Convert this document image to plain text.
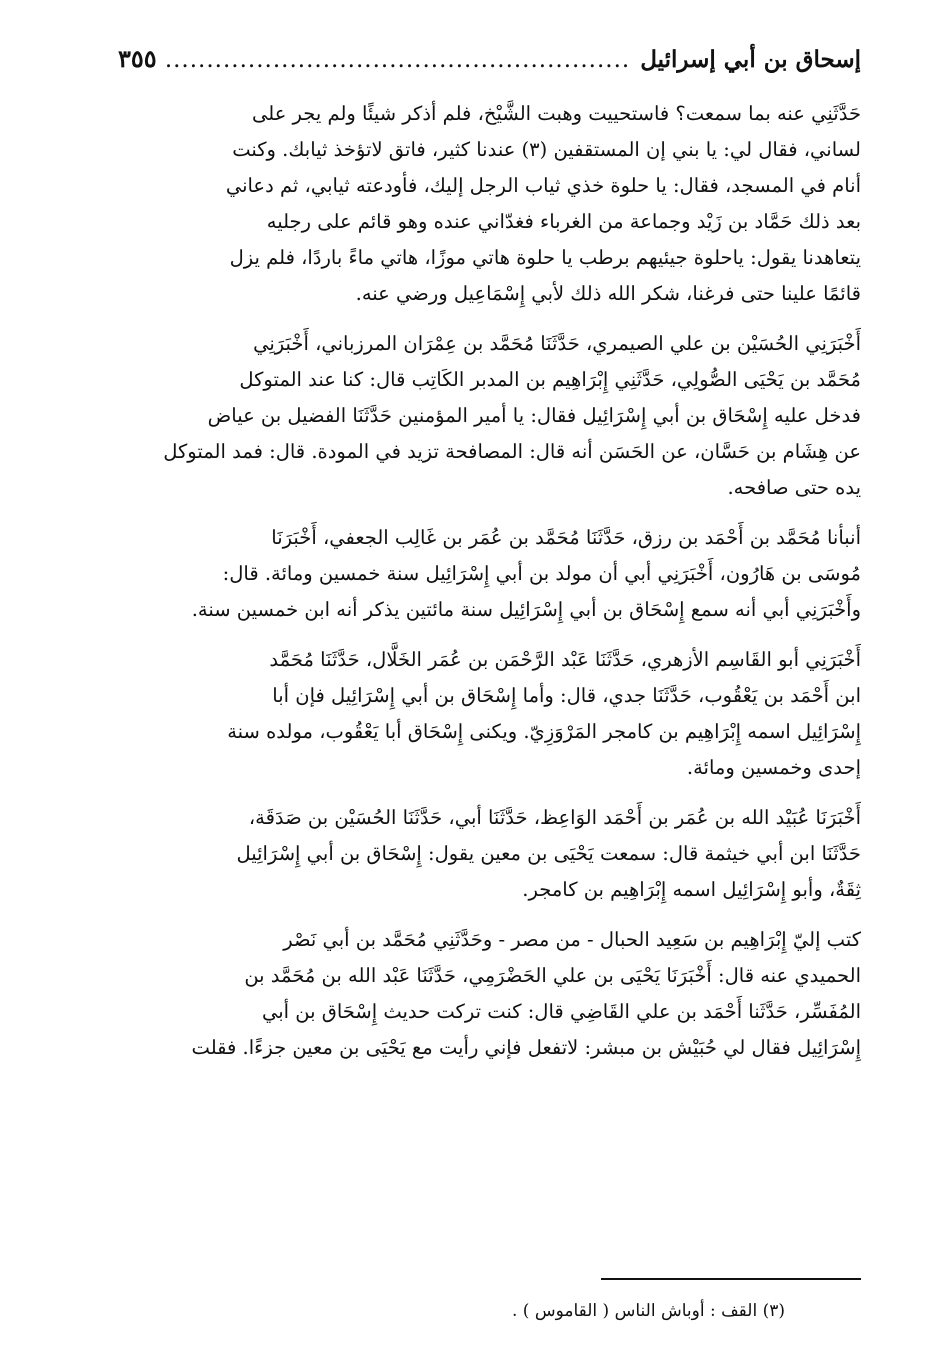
إسحاق بن أبي إسرائيل
.....
٣٥٥

حَدَّثَنِي عنه بما سمعت؟ فاستحييت وهبت الشَّيْخ، فلم أذكر شيئًا ولم يجر على
لساني، فقال لي: يا بني إن المستقفين (٣) عندنا كثير، فاتق لاتؤخذ ثيابك. وكنت
أنام في المسجد، فقال: يا حلوة خذي ثياب الرجل إليك، فأودعته ثيابي، ثم دعاني
بعد ذلك حَمَّاد بن زَيْد وجماعة من الغرباء فغدّاني عنده وهو قائم على رجليه
يتعاهدنا يقول: ياحلوة جيئيهم برطب يا حلوة هاتي موزًا، هاتي ماءً باردًا، فلم يزل
قائمًا علينا حتى فرغنا، شكر الله ذلك لأبي إِسْمَاعِيل ورضي عنه.

أَخْبَرَنِي الحُسَيْن بن علي الصيمري، حَدَّثَنَا مُحَمَّد بن عِمْرَان المرزباني، أَخْبَرَنِي
مُحَمَّد بن يَحْيَى الصُّولِي، حَدَّثَنِي إِبْرَاهِيم بن المدبر الكَاتِب قال: كنا عند المتوكل
فدخل عليه إِسْحَاق بن أبي إِسْرَائِيل فقال: يا أمير المؤمنين حَدَّثَنَا الفضيل بن عياض
عن هِشَام بن حَسَّان، عن الحَسَن أنه قال: المصافحة تزيد في المودة. قال: فمد المتوكل
يده حتى صافحه.

أنبأنا مُحَمَّد بن أَحْمَد بن رزق، حَدَّثَنَا مُحَمَّد بن عُمَر بن غَالِب الجعفي، أَخْبَرَنَا
مُوسَى بن هَارُون، أَخْبَرَنِي أبي أن مولد بن أبي إِسْرَائِيل سنة خمسين ومائة. قال:
وأَخْبَرَنِي أبي أنه سمع إِسْحَاق بن أبي إِسْرَائِيل سنة مائتين يذكر أنه ابن خمسين سنة.

أَخْبَرَنِي أبو القَاسِم الأزهري، حَدَّثَنَا عَبْد الرَّحْمَن بن عُمَر الخَلَّال، حَدَّثَنَا مُحَمَّد
ابن أَحْمَد بن يَعْقُوب، حَدَّثَنَا جدي، قال: وأما إِسْحَاق بن أبي إِسْرَائِيل فإن أبا
إِسْرَائِيل اسمه إِبْرَاهِيم بن كامجر المَرْوَزِيّ. ويكنى إِسْحَاق أبا يَعْقُوب، مولده سنة
إحدى وخمسين ومائة.

أَخْبَرَنَا عُبَيْد الله بن عُمَر بن أَحْمَد الوَاعِظ، حَدَّثَنَا أبي، حَدَّثَنَا الحُسَيْن بن صَدَقَة،
حَدَّثَنَا ابن أبي خيثمة قال: سمعت يَحْيَى بن معين يقول: إِسْحَاق بن أبي إِسْرَائِيل
ثِقَةٌ، وأبو إِسْرَائِيل اسمه إِبْرَاهِيم بن كامجر.

كتب إليّ إِبْرَاهِيم بن سَعِيد الحبال - من مصر - وحَدَّثَنِي مُحَمَّد بن أبي نَصْر
الحميدي عنه قال: أَخْبَرَنَا يَحْيَى بن علي الحَضْرَمِي، حَدَّثَنَا عَبْد الله بن مُحَمَّد بن
المُفَسِّر، حَدَّثَنا أَحْمَد بن علي القَاضِي قال: كنت تركت حديث إِسْحَاق بن أبي
إِسْرَائِيل فقال لي حُبَيْش بن مبشر: لاتفعل فإني رأيت مع يَحْيَى بن معين جزءًا. فقلت

(٣) القف : أوباش الناس ( القاموس ) .
